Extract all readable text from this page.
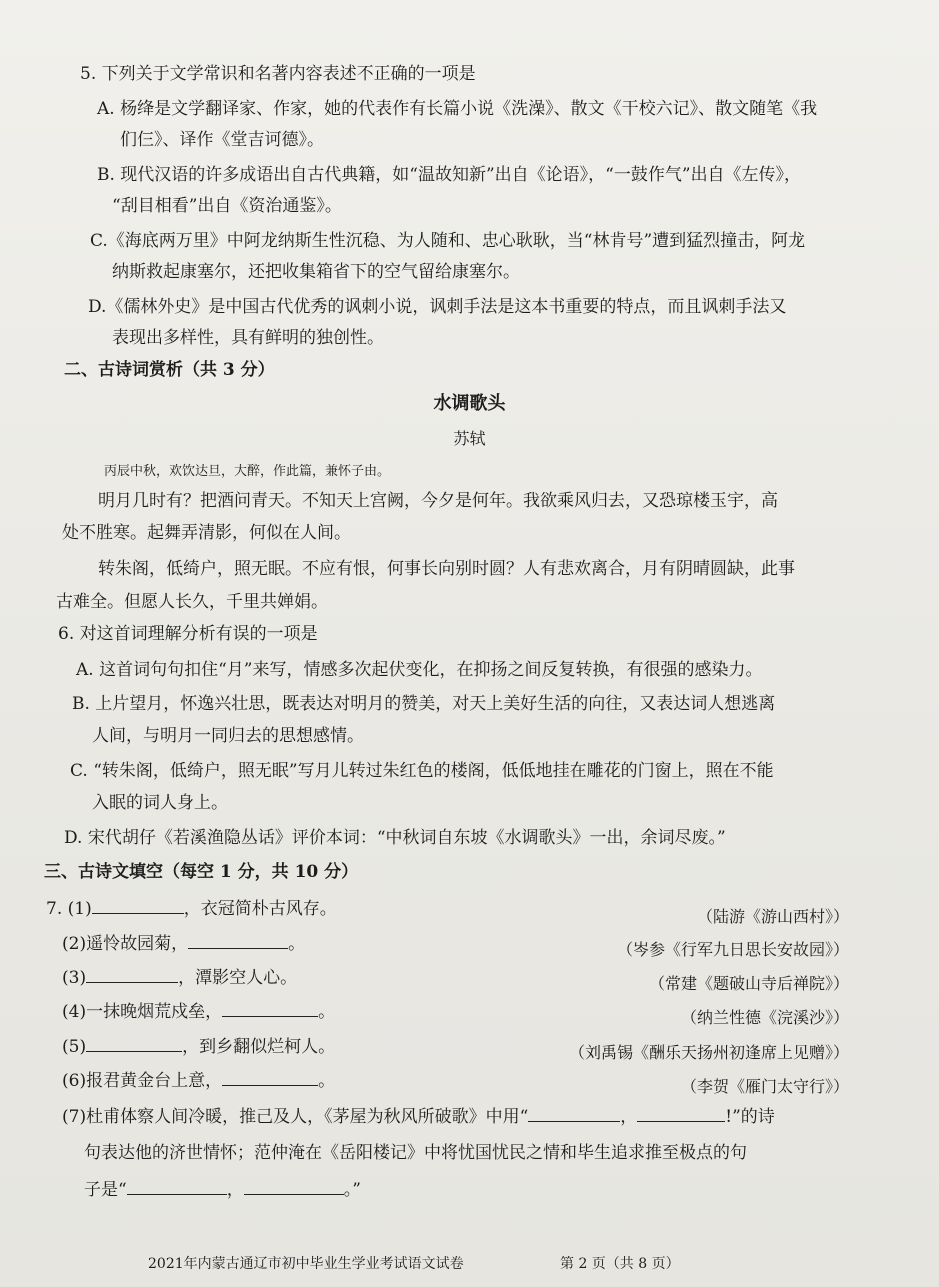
5. 下列关于文学常识和名著内容表述不正确的一项是
A. 杨绛是文学翻译家、作家，她的代表作有长篇小说《洗澡》、散文《干校六记》、散文随笔《我
们仨》、译作《堂吉诃德》。
B. 现代汉语的许多成语出自古代典籍，如“温故知新”出自《论语》，“一鼓作气”出自《左传》，
“刮目相看”出自《资治通鉴》。
C.《海底两万里》中阿龙纳斯生性沉稳、为人随和、忠心耿耿，当“林肯号”遭到猛烈撞击，阿龙
纳斯救起康塞尔，还把收集箱省下的空气留给康塞尔。
D.《儒林外史》是中国古代优秀的讽刺小说，讽刺手法是这本书重要的特点，而且讽刺手法又
表现出多样性，具有鲜明的独创性。
二、古诗词赏析（共 3 分）
水调歌头
苏轼
丙辰中秋，欢饮达旦，大醉，作此篇，兼怀子由。
明月几时有？把酒问青天。不知天上宫阙，今夕是何年。我欲乘风归去，又恐琼楼玉宇，高
处不胜寒。起舞弄清影，何似在人间。
转朱阁，低绮户，照无眠。不应有恨，何事长向别时圆？人有悲欢离合，月有阴晴圆缺，此事
古难全。但愿人长久，千里共婵娟。
6. 对这首词理解分析有误的一项是
A. 这首词句句扣住“月”来写，情感多次起伏变化，在抑扬之间反复转换，有很强的感染力。
B. 上片望月，怀逸兴壮思，既表达对明月的赞美，对天上美好生活的向往，又表达词人想逃离
人间，与明月一同归去的思想感情。
C. “转朱阁，低绮户，照无眠”写月儿转过朱红色的楼阁，低低地挂在雕花的门窗上，照在不能
入眠的词人身上。
D. 宋代胡仔《若溪渔隐丛话》评价本词：“中秋词自东坡《水调歌头》一出，余词尽废。”
三、古诗文填空（每空 1 分，共 10 分）
7. (1)	，衣冠简朴古风存。	（陆游《游山西村》）
(2)遥怜故园菊，	。	（岑参《行军九日思长安故园》）
(3)	，潭影空人心。	（常建《题破山寺后禅院》）
(4)一抹晚烟荒戍垒，	。	（纳兰性德《浣溪沙》）
(5)	，到乡翻似烂柯人。	（刘禹锡《酬乐天扬州初逢席上见赠》）
(6)报君黄金台上意，	。	（李贺《雁门太守行》）
(7)杜甫体察人间冷暖，推己及人，《茅屋为秋风所破歌》中用“	，	!”的诗
句表达他的济世情怀；范仲淹在《岳阳楼记》中将忧国忧民之情和毕生追求推至极点的句
子是“	，	。”
2021年内蒙古通辽市初中毕业生学业考试语文试卷	第 2 页（共 8 页）
